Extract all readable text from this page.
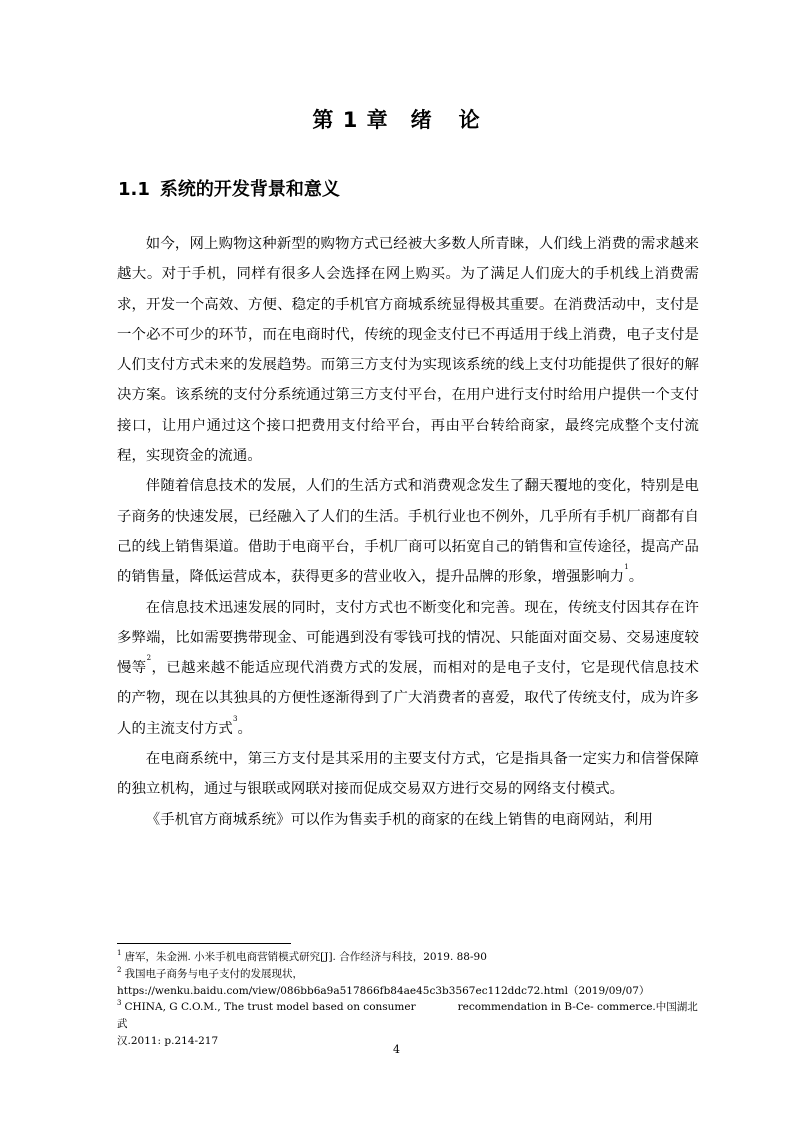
第 1 章 绪 论
1.1 系统的开发背景和意义

如今，网上购物这种新型的购物方式已经被大多数人所青睐，人们线上消费的需求越来越大。对于手机，同样有很多人会选择在网上购买。为了满足人们庞大的手机线上消费需求，开发一个高效、方便、稳定的手机官方商城系统显得极其重要。在消费活动中，支付是一个必不可少的环节，而在电商时代，传统的现金支付已不再适用于线上消费，电子支付是人们支付方式未来的发展趋势。而第三方支付为实现该系统的线上支付功能提供了很好的解决方案。该系统的支付分系统通过第三方支付平台，在用户进行支付时给用户提供一个支付接口，让用户通过这个接口把费用支付给平台，再由平台转给商家，最终完成整个支付流程，实现资金的流通。

伴随着信息技术的发展，人们的生活方式和消费观念发生了翻天覆地的变化，特别是电子商务的快速发展，已经融入了人们的生活。手机行业也不例外，几乎所有手机厂商都有自己的线上销售渠道。借助于电商平台，手机厂商可以拓宽自己的销售和宣传途径，提高产品的销售量，降低运营成本，获得更多的营业收入，提升品牌的形象，增强影响力$^1$。

在信息技术迅速发展的同时，支付方式也不断变化和完善。现在，传统支付因其存在许多弊端，比如需要携带现金、可能遇到没有零钱可找的情况、只能面对面交易、交易速度较慢等$^2$，已越来越不能适应现代消费方式的发展，而相对的是电子支付，它是现代信息技术的产物，现在以其独具的方便性逐渐得到了广大消费者的喜爱，取代了传统支付，成为许多人的主流支付方式$^3$。

在电商系统中，第三方支付是其采用的主要支付方式，它是指具备一定实力和信誉保障的独立机构，通过与银联或网联对接而促成交易双方进行交易的网络支付模式。

《手机官方商城系统》可以作为售卖手机的商家的在线上销售的电商网站，利用

$^1$ 唐军，朱金洲. 小米手机电商营销模式研究[J]. 合作经济与科技，2019. 88-90

$^2$ 我国电子商务与电子支付的发展现状，

https://wenku.baidu.com/view/086bb6a9a517866fb84ae45c3b3567ec112ddc72.html（2019/09/07）

$^3$ CHINA, G C.O.M., The trust model based on consumer	recommendation in B-Ce- commerce.中国湖北武

汉.2011: p.214-217

4
